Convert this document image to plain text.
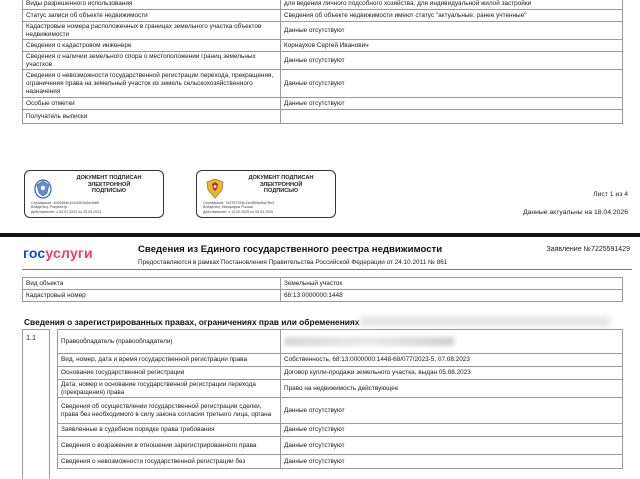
Виды разрешенного использования	для ведения личного подсобного хозяйства, для индивидуальной жилой застройки
Статус записи об объекте недвижимости	Сведения об объекте недвижимости имеют статус "актуальные, ранее учтенные"
Кадастровые номера расположенных в границах земельного участка объектов недвижимости	Данные отсутствуют
Сведения о кадастровом инженере	Корнаухов Сергей Иванович
Сведения о наличии земельного спора о местоположении границ земельных участков	Данные отсутствуют
Сведения о невозможности государственной регистрации перехода, прекращения, ограничения права на земельный участок из земель сельскохозяйственного назначения	Данные отсутствуют
Особые отметки	Данные отсутствуют
Получатель выписки	
ДОКУМЕНТ ПОДПИСАН
ЭЛЕКТРОННОЙ
ПОДПИСЬЮ
Сертификат: 4b09384b1e1d2fb3a4ec5df6
Владелец: Росреестр
Действителен: с 02.07.2023 по 25.09.2024
ДОКУМЕНТ ПОДПИСАН
ЭЛЕКТРОННОЙ
ПОДПИСЬЮ
Сертификат: 7e0787294b11e3f69a4ba78e3
Владелец: Минцифры России
Действителен: с 12.02.2025 по 05.04.2026
Лист 1 из 4
Данные актуальны на 18.04.2026
госуслуги	Сведения из Единого государственного реестра недвижимости	Заявление №7225591429
Предоставляются в рамках Постановления Правительства Российской Федерации от 24.10.2011 № 861
Вид объекта	Земельный участок
Кадастровый номер	68:13:0000000:1448
Сведения о зарегистрированных правах, ограничениях прав или обременениях
1.1	Правообладатель (правообладатели)	
Вид, номер, дата и время государственной регистрации права	Собственность, 68:13:0000000:1448-68/077/2023-5, 07.08.2023
Основание государственной регистрации	Договор купли-продажи земельного участка, выдан 05.08.2023
Дата, номер и основание государственной регистрации перехода (прекращения) права	Право на недвижимость действующее
Сведения об осуществлении государственной регистрации сделки, права без необходимого в силу закона согласия третьего лица, органа	Данные отсутствуют
Заявленные в судебном порядке права требования	Данные отсутствуют
Сведения о возражении в отношении зарегистрированного права	Данные отсутствуют
Сведения о невозможности государственной регистрации без	Данные отсутствуют
